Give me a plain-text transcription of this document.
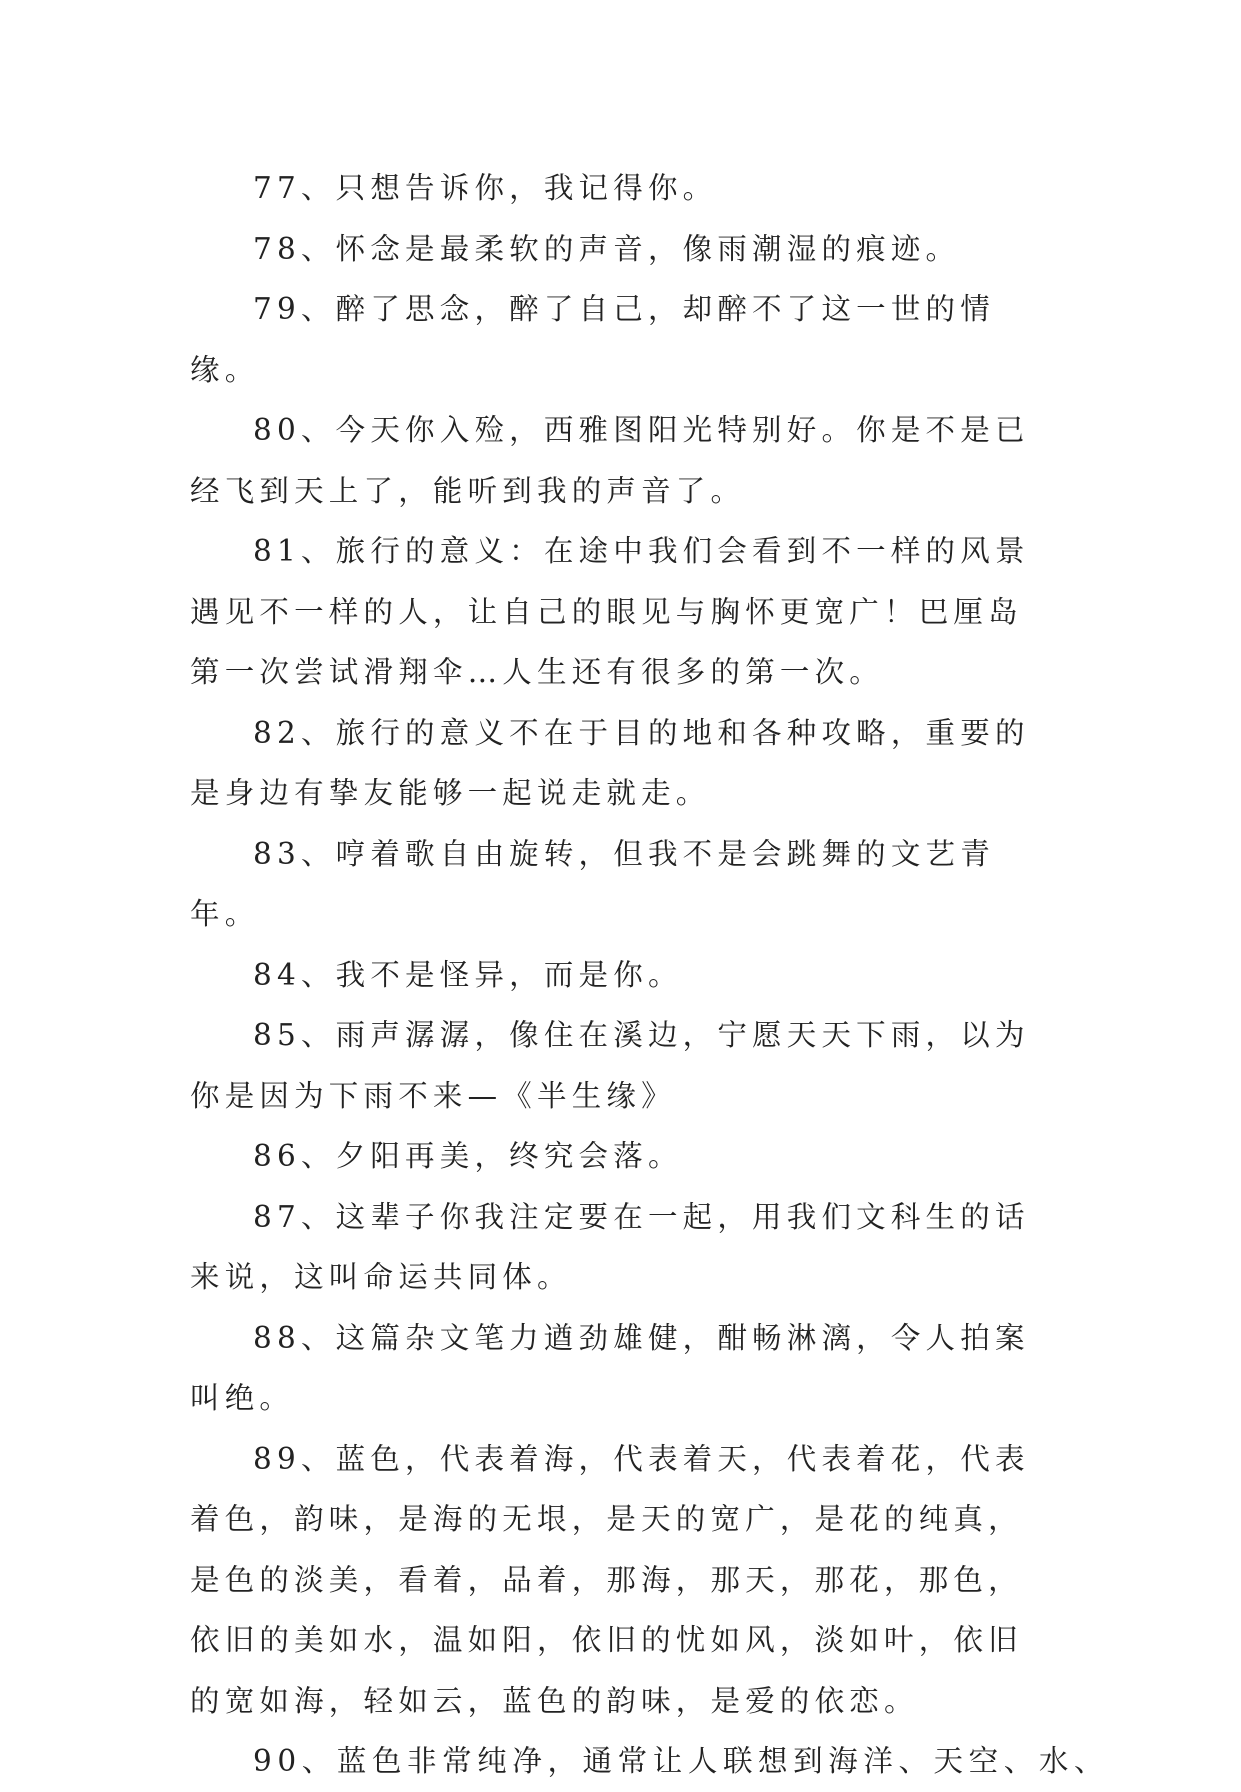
77、只想告诉你，我记得你。

78、怀念是最柔软的声音，像雨潮湿的痕迹。

79、醉了思念，醉了自己，却醉不了这一世的情缘。

80、今天你入殓，西雅图阳光特别好。你是不是已经飞到天上了，能听到我的声音了。

81、旅行的意义：在途中我们会看到不一样的风景遇见不一样的人，让自己的眼见与胸怀更宽广！巴厘岛第一次尝试滑翔伞…人生还有很多的第一次。

82、旅行的意义不在于目的地和各种攻略，重要的是身边有挚友能够一起说走就走。

83、哼着歌自由旋转，但我不是会跳舞的文艺青年。

84、我不是怪异，而是你。

85、雨声潺潺，像住在溪边，宁愿天天下雨，以为你是因为下雨不来—《半生缘》

86、夕阳再美，终究会落。

87、这辈子你我注定要在一起，用我们文科生的话来说，这叫命运共同体。

88、这篇杂文笔力遒劲雄健，酣畅淋漓，令人拍案叫绝。

89、蓝色，代表着海，代表着天，代表着花，代表着色，韵味，是海的无垠，是天的宽广，是花的纯真，是色的淡美，看着，品着，那海，那天，那花，那色，依旧的美如水，温如阳，依旧的忧如风，淡如叶，依旧的宽如海，轻如云，蓝色的韵味，是爱的依恋。

90、蓝色非常纯净，通常让人联想到海洋、天空、水、
